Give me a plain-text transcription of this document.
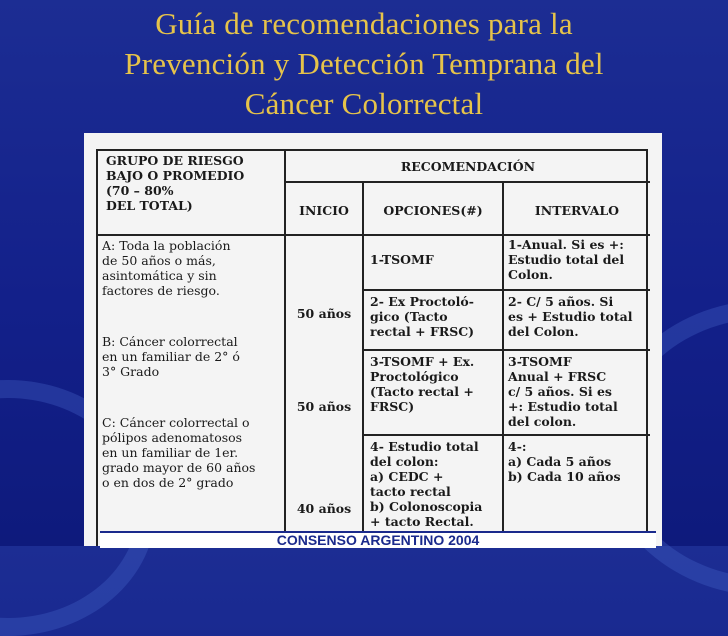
Guía de recomendaciones para la
Prevención y Detección Temprana del
Cáncer Colorrectal
GRUPO DE RIESGO
BAJO O PROMEDIO
(70 – 80%
DEL TOTAL)
RECOMENDACIÓN
INICIO	OPCIONES(#)	INTERVALO
A: Toda la población
de 50 años o más,
asintomática y sin
factores de riesgo.
B: Cáncer colorrectal
en un familiar de 2° ó
3° Grado
C: Cáncer colorrectal o
pólipos adenomatosos
en un familiar de 1er.
grado mayor de 60 años
o en dos de 2° grado
50 años
50 años
40 años
1-TSOMF
2- Ex Proctoló-
gico (Tacto
rectal + FRSC)
3-TSOMF + Ex.
Proctológico
(Tacto rectal +
FRSC)
4- Estudio total
del colon:
a) CEDC +
tacto rectal
b) Colonoscopia
+ tacto Rectal.
1-Anual. Si es +:
Estudio total del
Colon.
2- C/ 5 años. Si
es + Estudio total
del Colon.
3-TSOMF
Anual + FRSC
c/ 5 años. Si es
+: Estudio total
del colon.
4-:
a) Cada 5 años
b) Cada 10 años
CONSENSO ARGENTINO 2004
